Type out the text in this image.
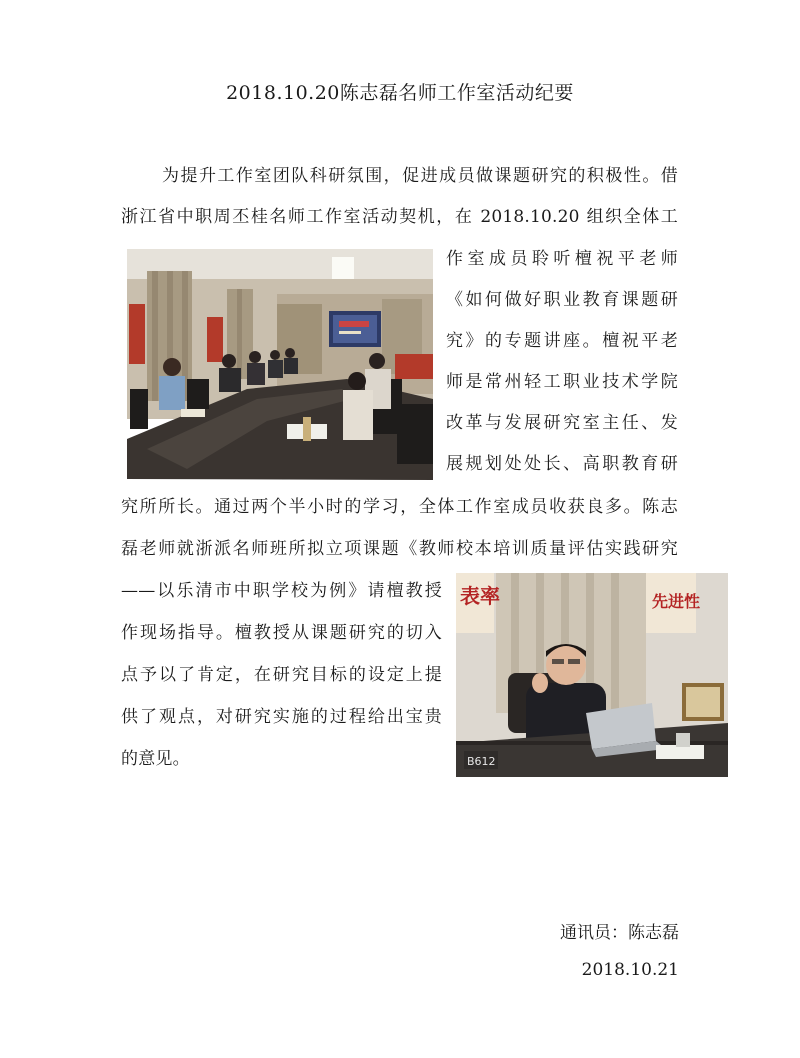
2018.10.20陈志磊名师工作室活动纪要
为提升工作室团队科研氛围，促进成员做课题研究的积极性。借
浙江省中职周丕桂名师工作室活动契机，在 2018.10.20 组织全体工
作室成员聆听檀祝平老师
《如何做好职业教育课题研
究》的专题讲座。檀祝平老
师是常州轻工职业技术学院
改革与发展研究室主任、发
展规划处处长、高职教育研
究所所长。通过两个半小时的学习，全体工作室成员收获良多。陈志
磊老师就浙派名师班所拟立项课题《教师校本培训质量评估实践研究
——以乐清市中职学校为例》请檀教授
作现场指导。檀教授从课题研究的切入
点予以了肯定，在研究目标的设定上提
供了观点，对研究实施的过程给出宝贵
的意见。
表率	先进性
B612
通讯员：陈志磊
2018.10.21
